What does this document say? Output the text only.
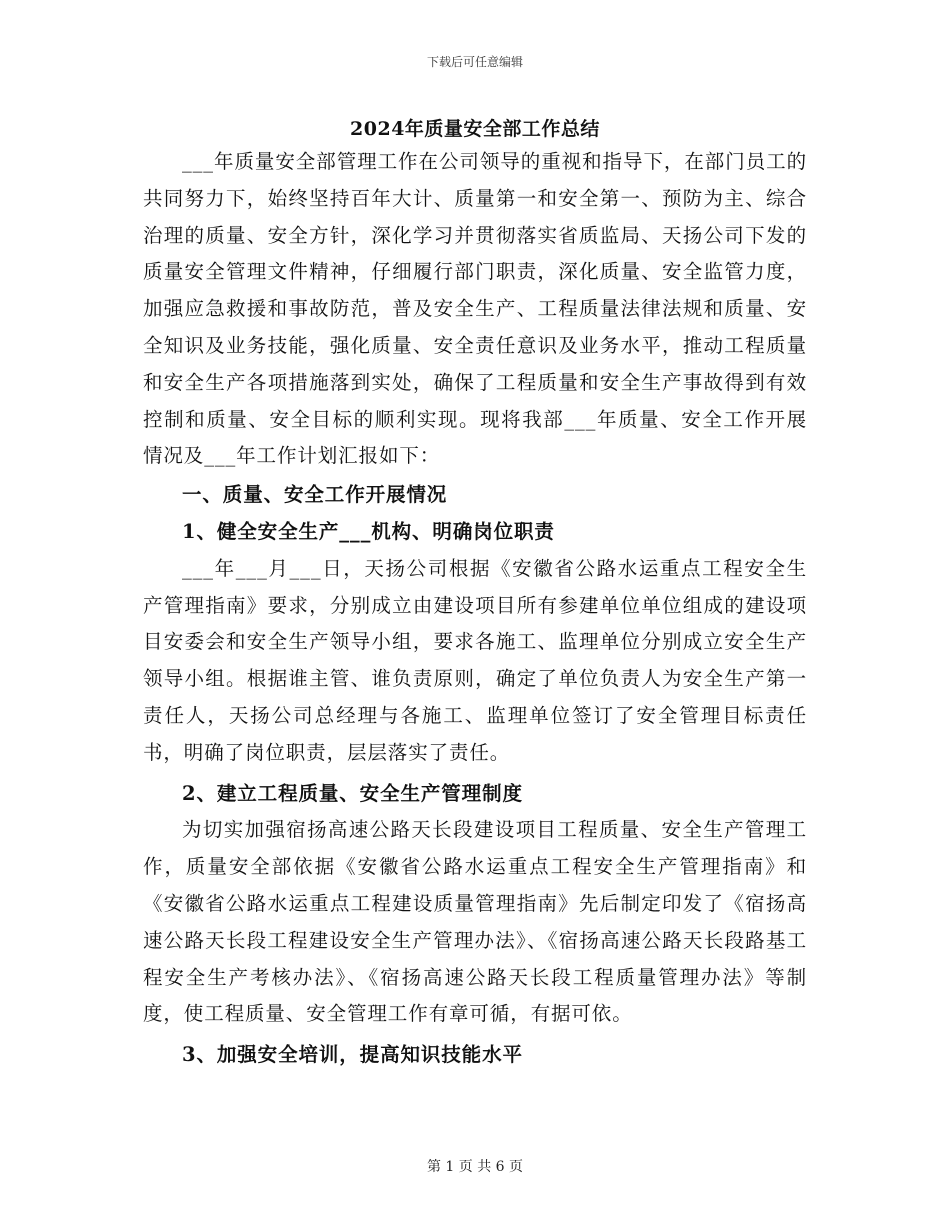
下载后可任意编辑
2024年质量安全部工作总结

___年质量安全部管理工作在公司领导的重视和指导下，在部门员工的共同努力下，始终坚持百年大计、质量第一和安全第一、预防为主、综合治理的质量、安全方针，深化学习并贯彻落实省质监局、天扬公司下发的质量安全管理文件精神，仔细履行部门职责，深化质量、安全监管力度，加强应急救援和事故防范，普及安全生产、工程质量法律法规和质量、安全知识及业务技能，强化质量、安全责任意识及业务水平，推动工程质量和安全生产各项措施落到实处，确保了工程质量和安全生产事故得到有效控制和质量、安全目标的顺利实现。现将我部___年质量、安全工作开展情况及___年工作计划汇报如下：

一、质量、安全工作开展情况
1、健全安全生产___机构、明确岗位职责

___年___月___日，天扬公司根据《安徽省公路水运重点工程安全生产管理指南》要求，分别成立由建设项目所有参建单位单位组成的建设项目安委会和安全生产领导小组，要求各施工、监理单位分别成立安全生产领导小组。根据谁主管、谁负责原则，确定了单位负责人为安全生产第一责任人，天扬公司总经理与各施工、监理单位签订了安全管理目标责任书，明确了岗位职责，层层落实了责任。

2、建立工程质量、安全生产管理制度

为切实加强宿扬高速公路天长段建设项目工程质量、安全生产管理工作，质量安全部依据《安徽省公路水运重点工程安全生产管理指南》和《安徽省公路水运重点工程建设质量管理指南》先后制定印发了《宿扬高速公路天长段工程建设安全生产管理办法》、《宿扬高速公路天长段路基工程安全生产考核办法》、《宿扬高速公路天长段工程质量管理办法》等制度，使工程质量、安全管理工作有章可循，有据可依。

3、加强安全培训，提高知识技能水平
第 1 页 共 6 页
